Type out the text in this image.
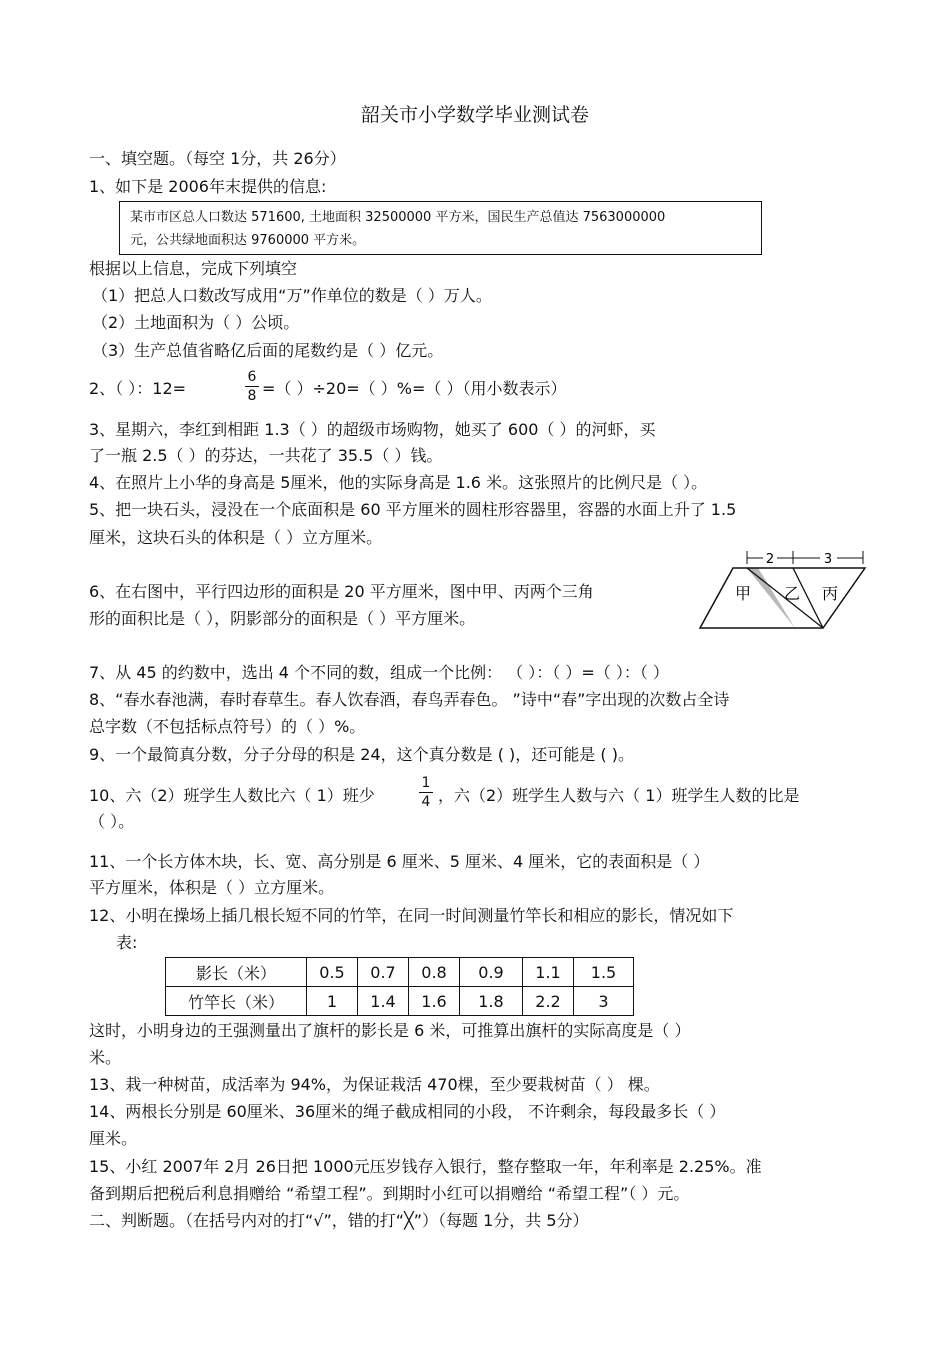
韶关市小学数学毕业测试卷
一、填空题。（每空 1分，共 26分）
1、如下是 2006年末提供的信息:
某市市区总人口数达 571600, 土地面积 32500000 平方米，国民生产总值达 7563000000
元，公共绿地面积达 9760000 平方米。
根据以上信息，完成下列填空
（1）把总人口数改写成用“万”作单位的数是（ ）万人。
（2）土地面积为（ ）公顷。
（3）生产总值省略亿后面的尾数约是（ ）亿元。
2、（ ）：12=
6
8 =（ ）÷20=（ ）%=（ ）（用小数表示）
3、星期六，李红到相距 1.3（ ）的超级市场购物，她买了 600（ ）的河虾，买
了一瓶 2.5（ ）的芬达，一共花了 35.5（ ）钱。
4、在照片上小华的身高是 5厘米，他的实际身高是 1.6 米。这张照片的比例尺是（ ）。
5、把一块石头，浸没在一个底面积是 60 平方厘米的圆柱形容器里，容器的水面上升了 1.5
厘米，这块石头的体积是（ ）立方厘米。
6、在右图中，平行四边形的面积是 20 平方厘米，图中甲、丙两个三角
形的面积比是（ ），阴影部分的面积是（ ）平方厘米。
2	3
甲 乙 丙
7、从 45 的约数中，选出 4 个不同的数，组成一个比例： （ ）：（ ）=（ ）：（ ）
8、“春水春池满，春时春草生。春人饮春酒，春鸟弄春色。 ”诗中“春”字出现的次数占全诗
总字数（不包括标点符号）的（ ）%。
9、一个最简真分数，分子分母的积是 24，这个真分数是 ( )，还可能是 ( )。
10、六（2）班学生人数比六（ 1）班少
1
4 ，六（2）班学生人数与六（ 1）班学生人数的比是
（ ）。
11、一个长方体木块，长、宽、高分别是 6 厘米、5 厘米、4 厘米，它的表面积是（ ）
平方厘米，体积是（ ）立方厘米。
12、小明在操场上插几根长短不同的竹竿，在同一时间测量竹竿长和相应的影长，情况如下
表:
影长（米）	0.5	0.7	0.8	0.9	1.1	1.5
竹竿长（米）	1	1.4	1.6	1.8	2.2	3
这时，小明身边的王强测量出了旗杆的影长是 6 米，可推算出旗杆的实际高度是（ ）
米。
13、栽一种树苗，成活率为 94%，为保证栽活 470棵，至少要栽树苗（ ） 棵。
14、两根长分别是 60厘米、36厘米的绳子截成相同的小段， 不许剩余，每段最多长（ ）
厘米。
15、小红 2007年 2月 26日把 1000元压岁钱存入银行，整存整取一年，年利率是 2.25%。准
备到期后把税后利息捐赠给 “希望工程”。到期时小红可以捐赠给 “希望工程”（ ）元。
二、判断题。（在括号内对的打“√”，错的打“╳”）（每题 1分，共 5分）
